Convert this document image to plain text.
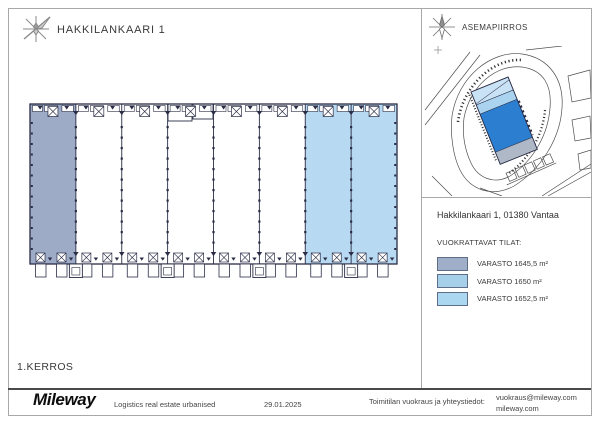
HAKKILANKAARI 1
1.KERROS
ASEMAPIIRROS
Hakkilankaari 1, 01380 Vantaa
VUOKRATTAVAT TILAT:
VARASTO 1645,5 m²
VARASTO 1650 m²
VARASTO 1652,5 m²
Mileway Logistics real estate urbanised	29.01.2025	Toimitilan vuokraus ja yhteystiedot: vuokraus@mileway.com
mileway.com
